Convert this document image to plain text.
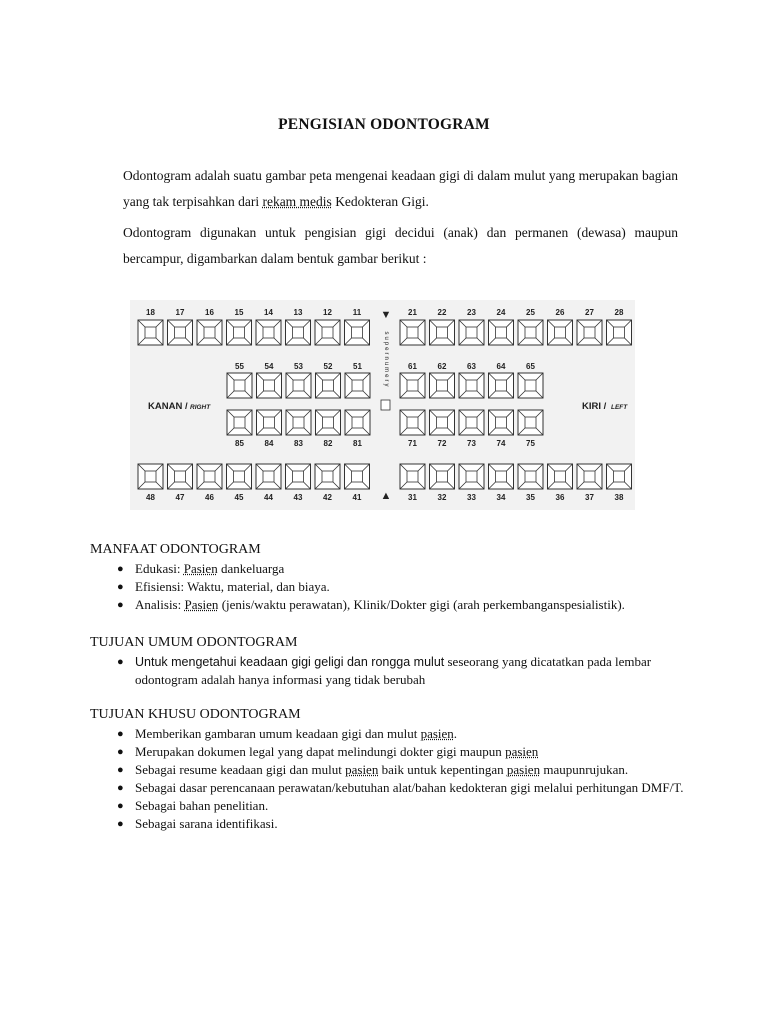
PENGISIAN ODONTOGRAM
Odontogram adalah suatu gambar peta mengenai keadaan gigi di dalam mulut yang merupakan bagian yang tak terpisahkan dari rekam medis Kedokteran Gigi.
Odontogram digunakan untuk pengisian gigi decidui (anak) dan permanen (dewasa) maupun bercampur, digambarkan dalam bentuk gambar berikut :
18	17	16	15	14	13	12	11	21	22	23	24	25	26	27	28
55	54	53	52	51	61	62	63	64	65
85	84	83	82	81	71	72	73	74	75
48	47	46	45	44	43	42	41	31	32	33	34	35	36	37	38
KANAN / RIGHT	KIRI / LEFT
▼
▲
supernumery
MANFAAT ODONTOGRAM
● Edukasi: Pasien dankeluarga
● Efisiensi: Waktu, material, dan biaya.
● Analisis: Pasien (jenis/waktu perawatan), Klinik/Dokter gigi (arah perkembanganspesialistik).
TUJUAN UMUM ODONTOGRAM
● Untuk mengetahui keadaan gigi geligi dan rongga mulut seseorang yang dicatatkan pada lembar odontogram adalah hanya informasi yang tidak berubah
TUJUAN KHUSU ODONTOGRAM
● Memberikan gambaran umum keadaan gigi dan mulut pasien.
● Merupakan dokumen legal yang dapat melindungi dokter gigi maupun pasien
● Sebagai resume keadaan gigi dan mulut pasien baik untuk kepentingan pasien maupunrujukan.
● Sebagai dasar perencanaan perawatan/kebutuhan alat/bahan kedokteran gigi melalui perhitungan DMF/T.
● Sebagai bahan penelitian.
● Sebagai sarana identifikasi.
